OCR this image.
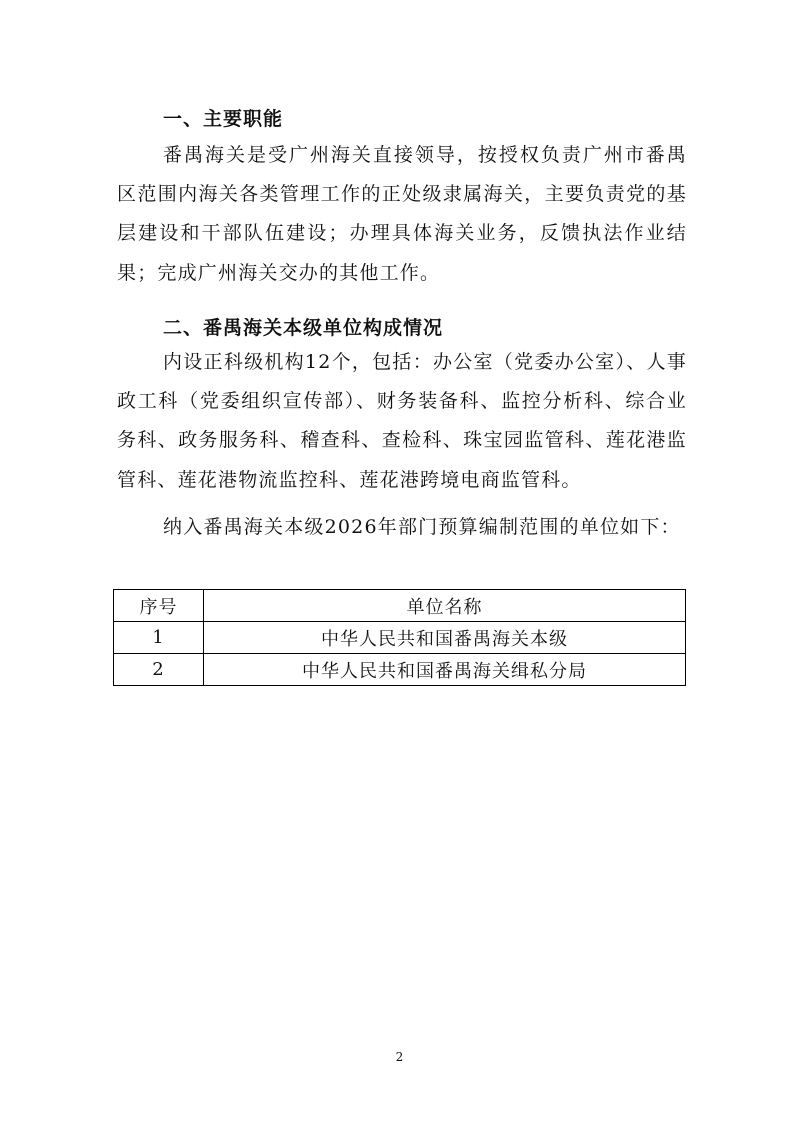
一、主要职能

番禺海关是受广州海关直接领导，按授权负责广州市番禺区范围内海关各类管理工作的正处级隶属海关，主要负责党的基层建设和干部队伍建设；办理具体海关业务，反馈执法作业结果；完成广州海关交办的其他工作。

二、番禺海关本级单位构成情况

内设正科级机构12个，包括：办公室（党委办公室）、人事政工科（党委组织宣传部）、财务装备科、监控分析科、综合业务科、政务服务科、稽查科、查检科、珠宝园监管科、莲花港监管科、莲花港物流监控科、莲花港跨境电商监管科。

纳入番禺海关本级2026年部门预算编制范围的单位如下：

序号	单位名称
1	中华人民共和国番禺海关本级
2	中华人民共和国番禺海关缉私分局
2
